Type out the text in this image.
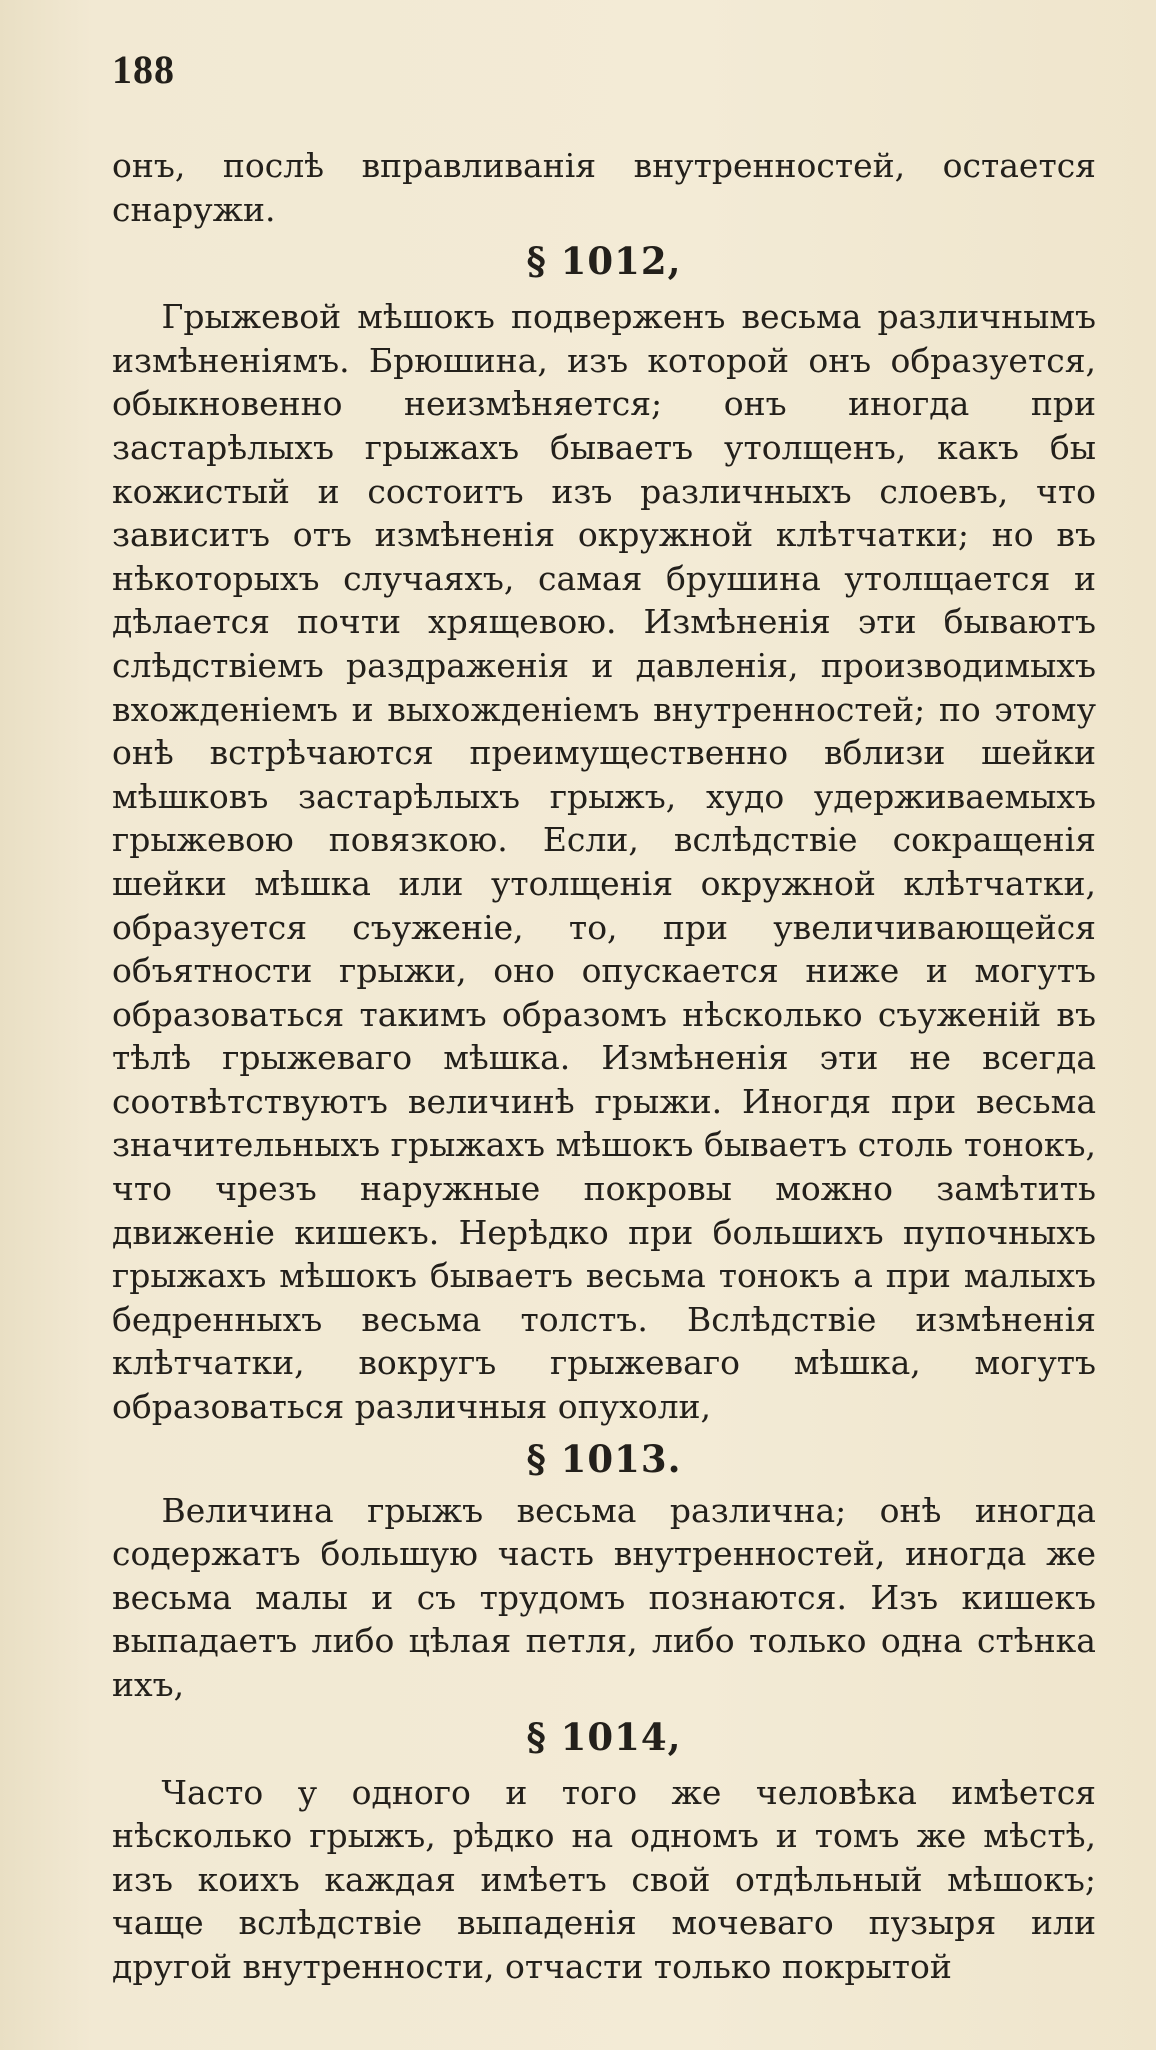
188

онъ, послѣ вправливанія внутренностей, остается снаружи.

§ 1012,

Грыжевой мѣшокъ подверженъ весьма различнымъ измѣненіямъ. Брюшина, изъ которой онъ образуется, обыкновенно неизмѣняется; онъ иногда при застарѣлыхъ грыжахъ бываетъ утолщенъ, какъ бы кожистый и состоитъ изъ различныхъ слоевъ, что зависитъ отъ измѣненія окружной клѣтчатки; но въ нѣкоторыхъ случаяхъ, самая брушина утолщается и дѣлается почти хрящевою. Измѣненія эти бываютъ слѣдствіемъ раздраженія и давленія, производимыхъ вхожденіемъ и выхожденіемъ внутренностей; по этому онѣ встрѣчаются преимущественно вблизи шейки мѣшковъ застарѣлыхъ грыжъ, худо удерживаемыхъ грыжевою повязкою. Если, вслѣдствіе сокращенія шейки мѣшка или утолщенія окружной клѣтчатки, образуется съуженіе, то, при увеличивающейся объятности грыжи, оно опускается ниже и могутъ образоваться такимъ образомъ нѣсколько съуженій въ тѣлѣ грыжеваго мѣшка. Измѣненія эти не всегда соотвѣтствуютъ величинѣ грыжи. Иногдя при весьма значительныхъ грыжахъ мѣшокъ бываетъ столь тонокъ, что чрезъ наружные покровы можно замѣтить движеніе кишекъ. Нерѣдко при большихъ пупочныхъ грыжахъ мѣшокъ бываетъ весьма тонокъ а при малыхъ бедренныхъ весьма толстъ. Вслѣдствіе измѣненія клѣтчатки, вокругъ грыжеваго мѣшка, могутъ образоваться различныя опухоли,

§ 1013.

Величина грыжъ весьма различна; онѣ иногда содержатъ большую часть внутренностей, иногда же весьма малы и съ трудомъ познаются. Изъ кишекъ выпадаетъ либо цѣлая петля, либо только одна стѣнка ихъ,

§ 1014,

Часто у одного и того же человѣка имѣется нѣсколько грыжъ, рѣдко на одномъ и томъ же мѣстѣ, изъ коихъ каждая имѣетъ свой отдѣльный мѣшокъ; чаще вслѣдствіе выпаденія мочеваго пузыря или другой внутренности, отчасти только покрытой
